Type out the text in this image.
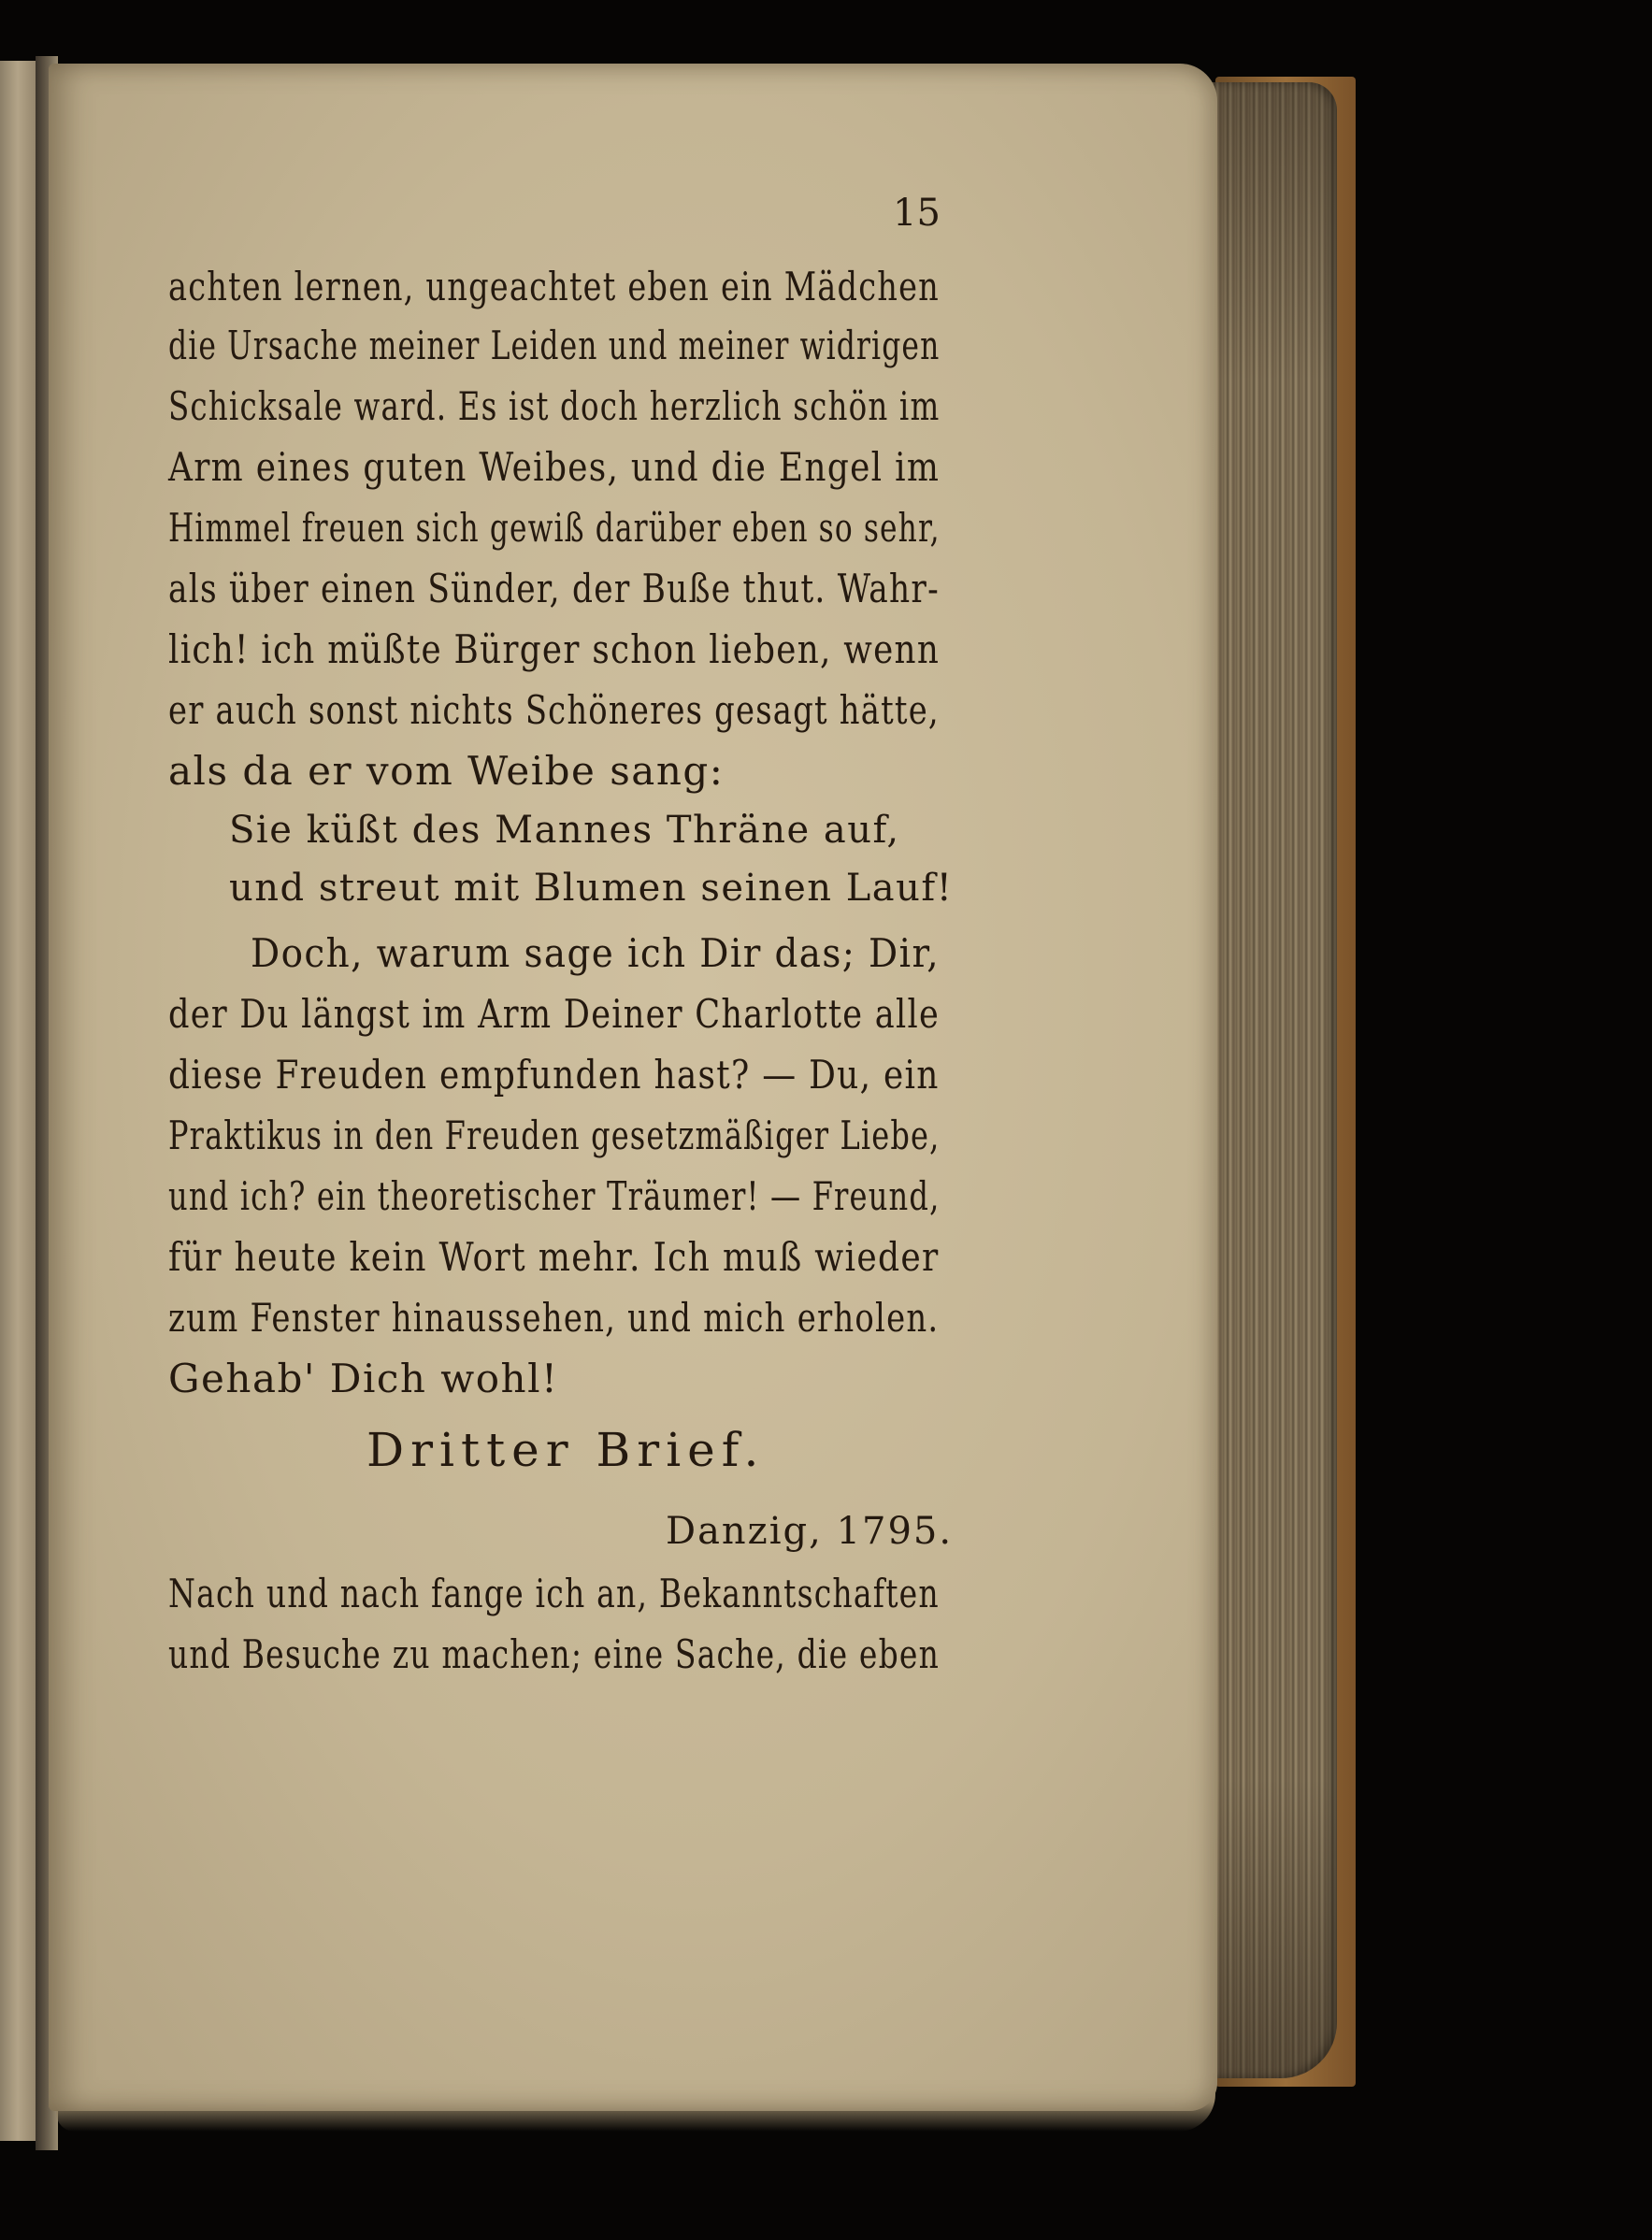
15
achten lernen, ungeachtet eben ein Mädchen
die Ursache meiner Leiden und meiner widrigen
Schicksale ward. Es ist doch herzlich schön im
Arm eines guten Weibes, und die Engel im
Himmel freuen sich gewiß darüber eben so sehr,
als über einen Sünder, der Buße thut. Wahr-
lich! ich müßte Bürger schon lieben, wenn
er auch sonst nichts Schöneres gesagt hätte,
als da er vom Weibe sang:
Sie küßt des Mannes Thräne auf,
und streut mit Blumen seinen Lauf!
Doch, warum sage ich Dir das; Dir,
der Du längst im Arm Deiner Charlotte alle
diese Freuden empfunden hast? — Du, ein
Praktikus in den Freuden gesetzmäßiger Liebe,
und ich? ein theoretischer Träumer! — Freund,
für heute kein Wort mehr. Ich muß wieder
zum Fenster hinaussehen, und mich erholen.
Gehab' Dich wohl!
Dritter Brief.
Danzig, 1795.
Nach und nach fange ich an, Bekanntschaften
und Besuche zu machen; eine Sache, die eben
